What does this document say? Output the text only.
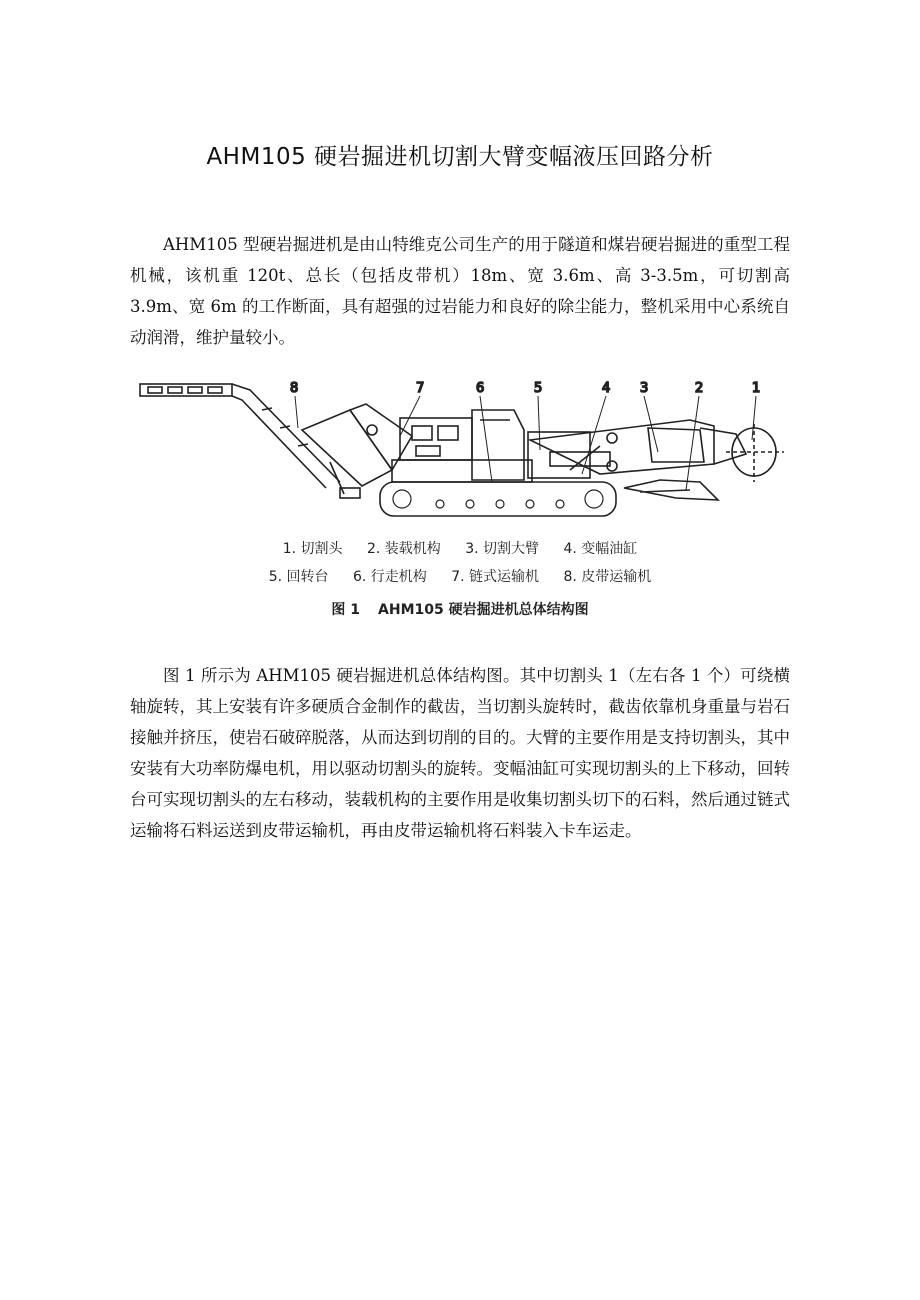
AHM105 硬岩掘进机切割大臂变幅液压回路分析

AHM105 型硬岩掘进机是由山特维克公司生产的用于隧道和煤岩硬岩掘进的重型工程机械，该机重 120t、总长（包括皮带机）18m、宽 3.6m、高 3-3.5m，可切割高 3.9m、宽 6m 的工作断面，具有超强的过岩能力和良好的除尘能力，整机采用中心系统自动润滑，维护量较小。

8	7	6	5	4 3	2	1
1. 切割头 2. 装载机构 3. 切割大臂 4. 变幅油缸
5. 回转台 6. 行走机构 7. 链式运输机 8. 皮带运输机
图 1 AHM105 硬岩掘进机总体结构图

图 1 所示为 AHM105 硬岩掘进机总体结构图。其中切割头 1（左右各 1 个）可绕横轴旋转，其上安装有许多硬质合金制作的截齿，当切割头旋转时，截齿依靠机身重量与岩石接触并挤压，使岩石破碎脱落，从而达到切削的目的。大臂的主要作用是支持切割头，其中安装有大功率防爆电机，用以驱动切割头的旋转。变幅油缸可实现切割头的上下移动，回转台可实现切割头的左右移动，装载机构的主要作用是收集切割头切下的石料，然后通过链式运输将石料运送到皮带运输机，再由皮带运输机将石料装入卡车运走。
